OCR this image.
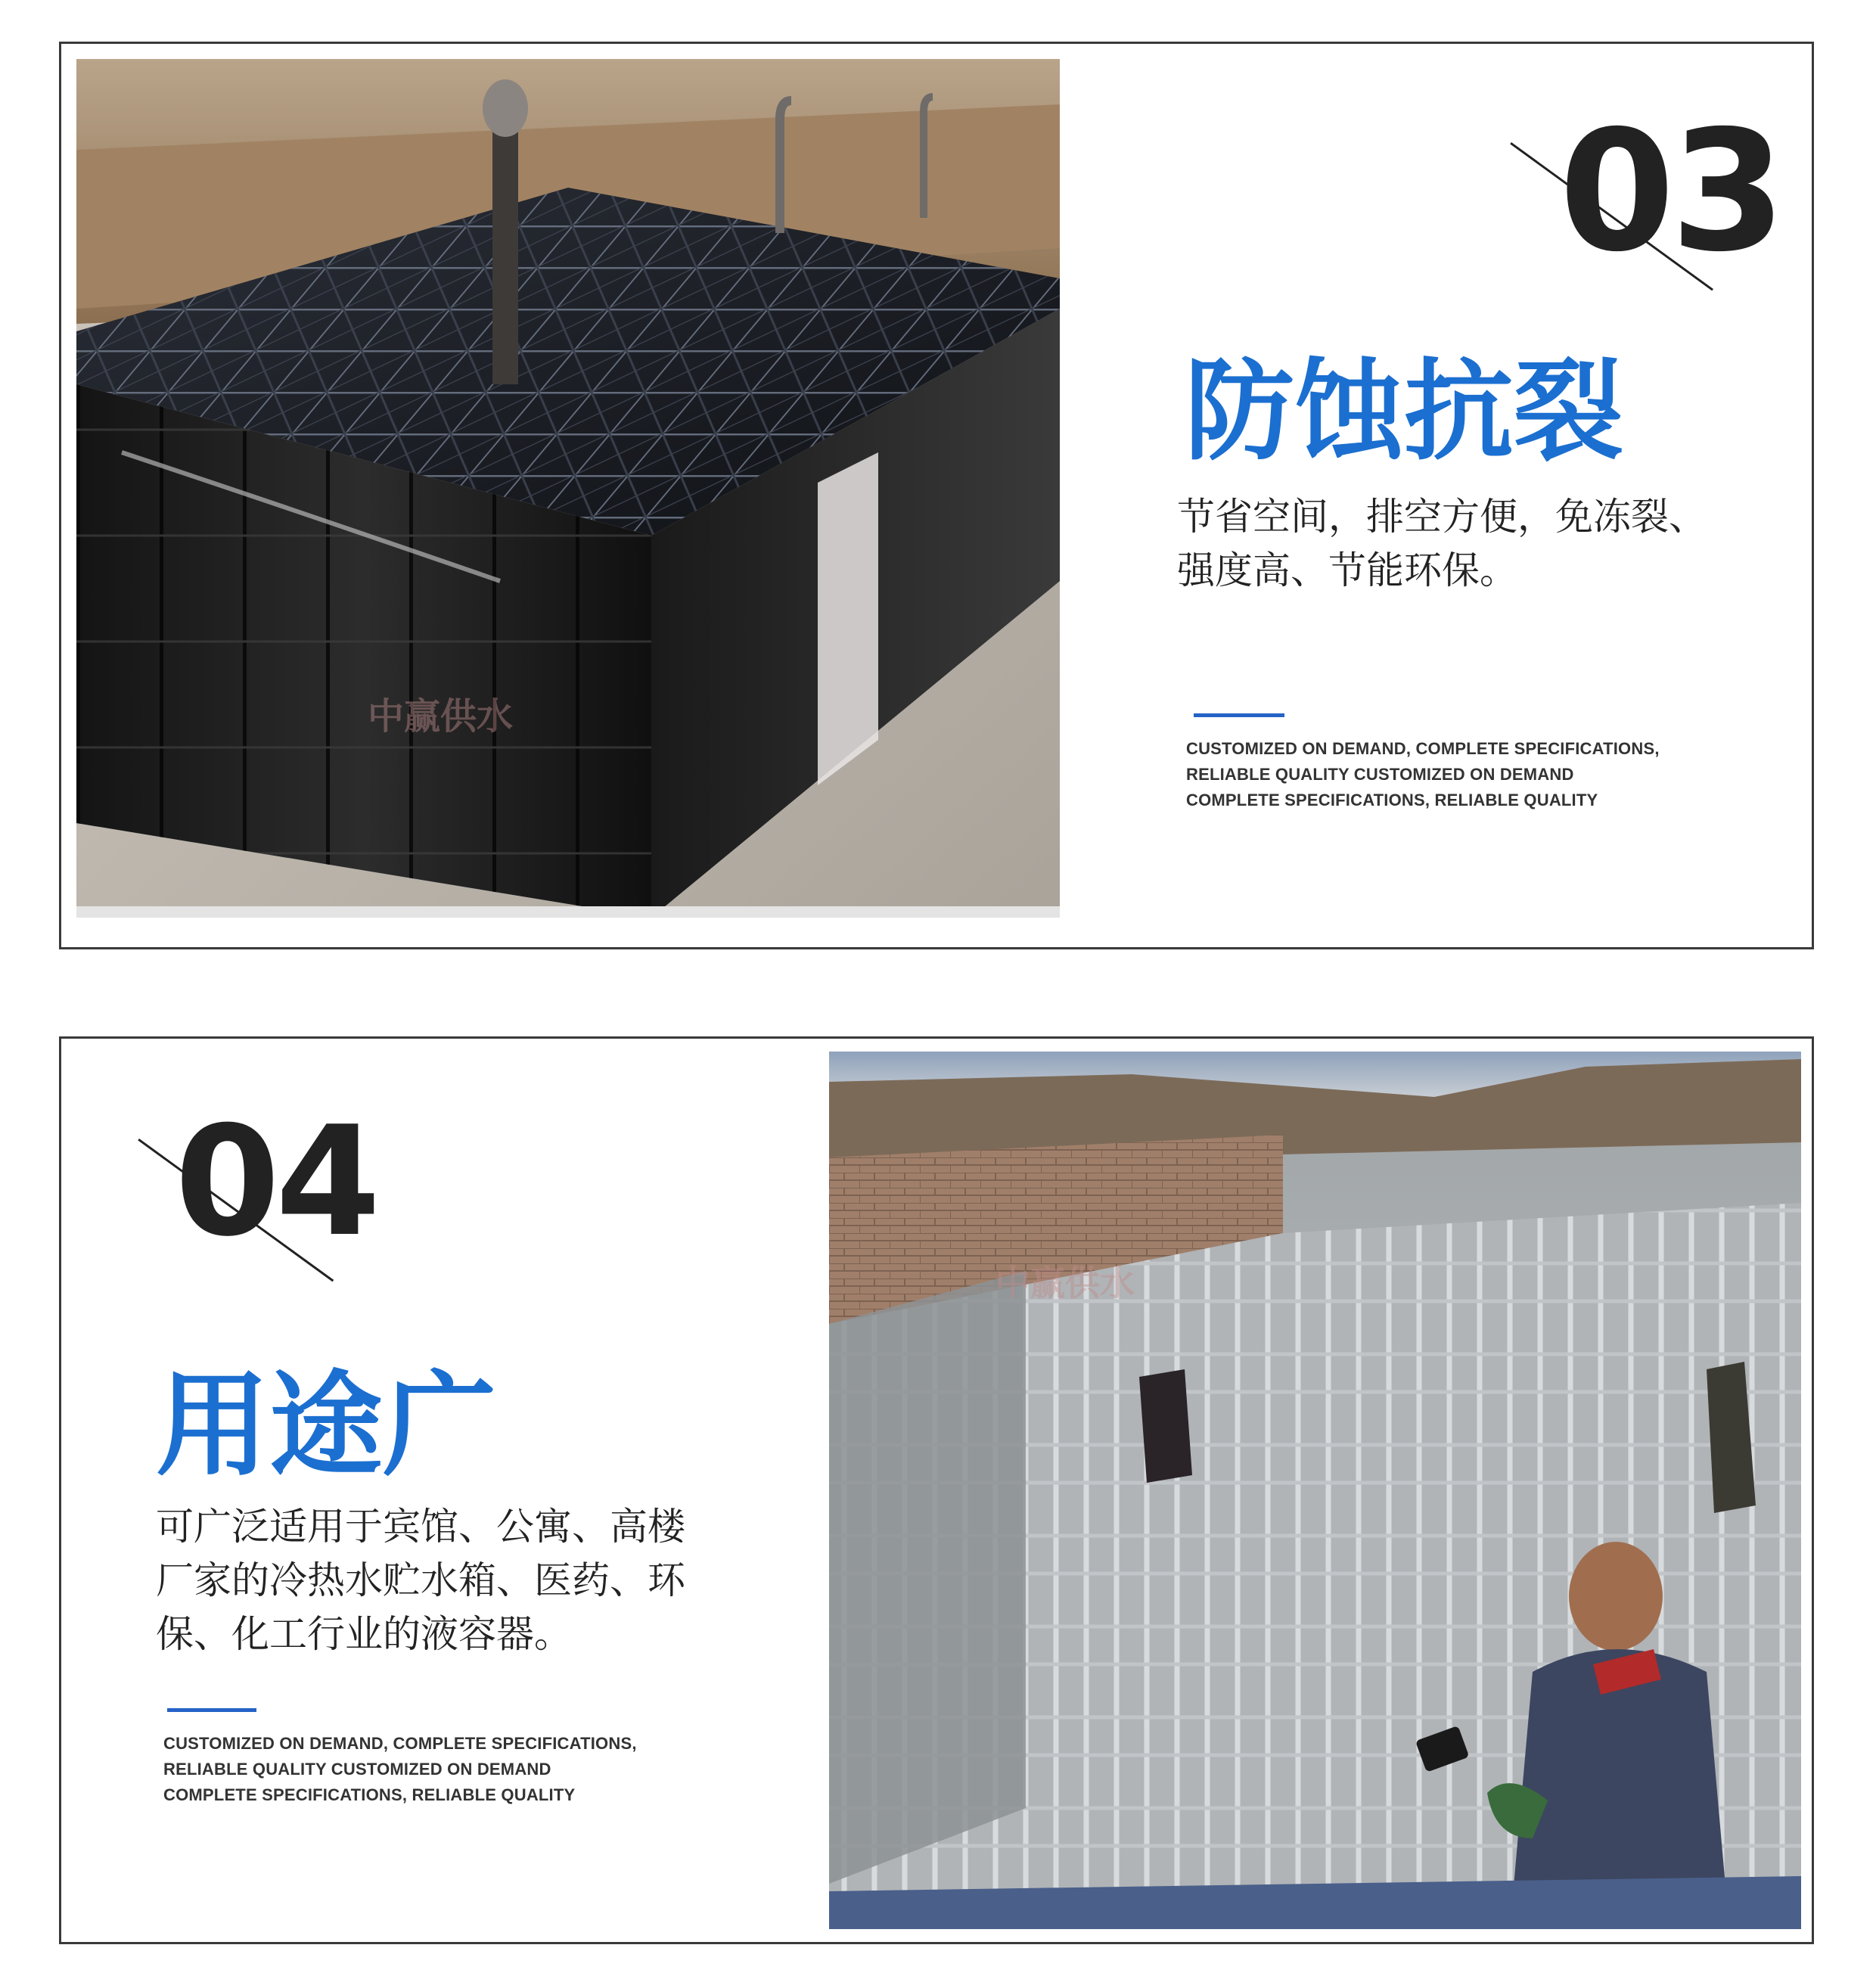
中赢供水
03
防蚀抗裂
节省空间，排空方便，免冻裂、
强度高、节能环保。
CUSTOMIZED ON DEMAND, COMPLETE SPECIFICATIONS,
RELIABLE QUALITY CUSTOMIZED ON DEMAND
COMPLETE SPECIFICATIONS, RELIABLE QUALITY
04
用途广
可广泛适用于宾馆、公寓、高楼
厂家的冷热水贮水箱、医药、环
保、化工行业的液容器。
CUSTOMIZED ON DEMAND, COMPLETE SPECIFICATIONS,
RELIABLE QUALITY CUSTOMIZED ON DEMAND
COMPLETE SPECIFICATIONS, RELIABLE QUALITY
中赢供水
